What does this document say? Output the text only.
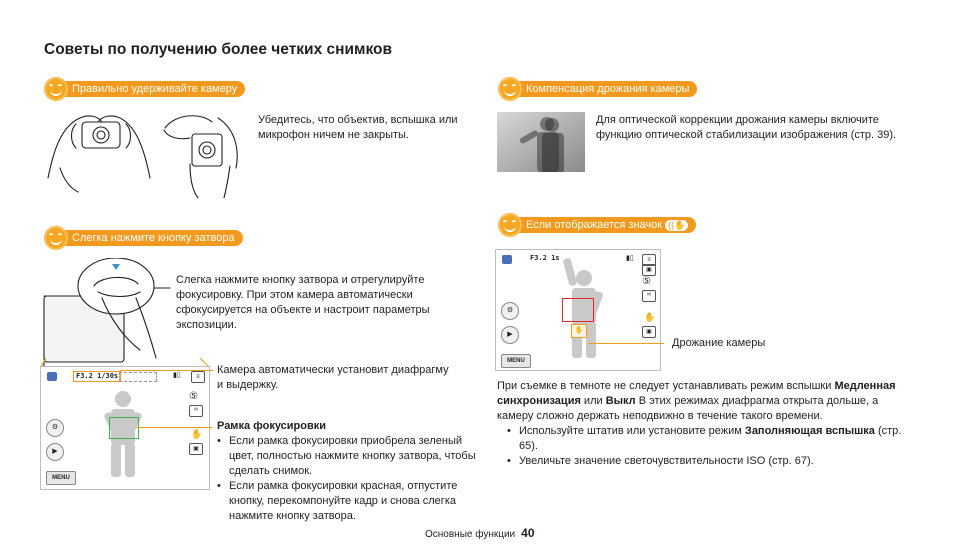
Советы по получению более четких снимков
Правильно удерживайте камеру
Убедитесь, что объектив, вспышка или микрофон ничем не закрыты.
Слегка нажмите кнопку затвора
Слегка нажмите кнопку затвора и отрегулируйте фокусировку. При этом камера автоматически сфокусируется на объекте и настроит параметры экспозиции.
F3.2 1/30s	▮▯	≡
⑤
ᴹ
✋
▣
⚙
▶
MENU
Камера автоматически установит диафрагму и выдержку.
Рамка фокусировки
• Если рамка фокусировки приобрела зеленый цвет, полностью нажмите кнопку затвора, чтобы сделать снимок.
• Если рамка фокусировки красная, отпустите кнопку, перекомпонуйте кадр и снова слегка нажмите кнопку затвора.
Компенсация дрожания камеры
Для оптической коррекции дрожания камеры включите функцию оптической стабилизации изображения (стр. 39).
Если отображается значок ((✋
F3.2 1s	▮▯	≡
▣
⑤
ᴹ
✋
▣
⚙
▶
MENU
✋
Дрожание камеры
При съемке в темноте не следует устанавливать режим вспышки Медленная синхронизация или Выкл В этих режимах диафрагма открыта дольше, а камеру сложно держать неподвижно в течение такого времени.
• Используйте штатив или установите режим Заполняющая вспышка (стр. 65).
• Увеличьте значение светочувствительности ISO (стр. 67).
Основные функции 40
